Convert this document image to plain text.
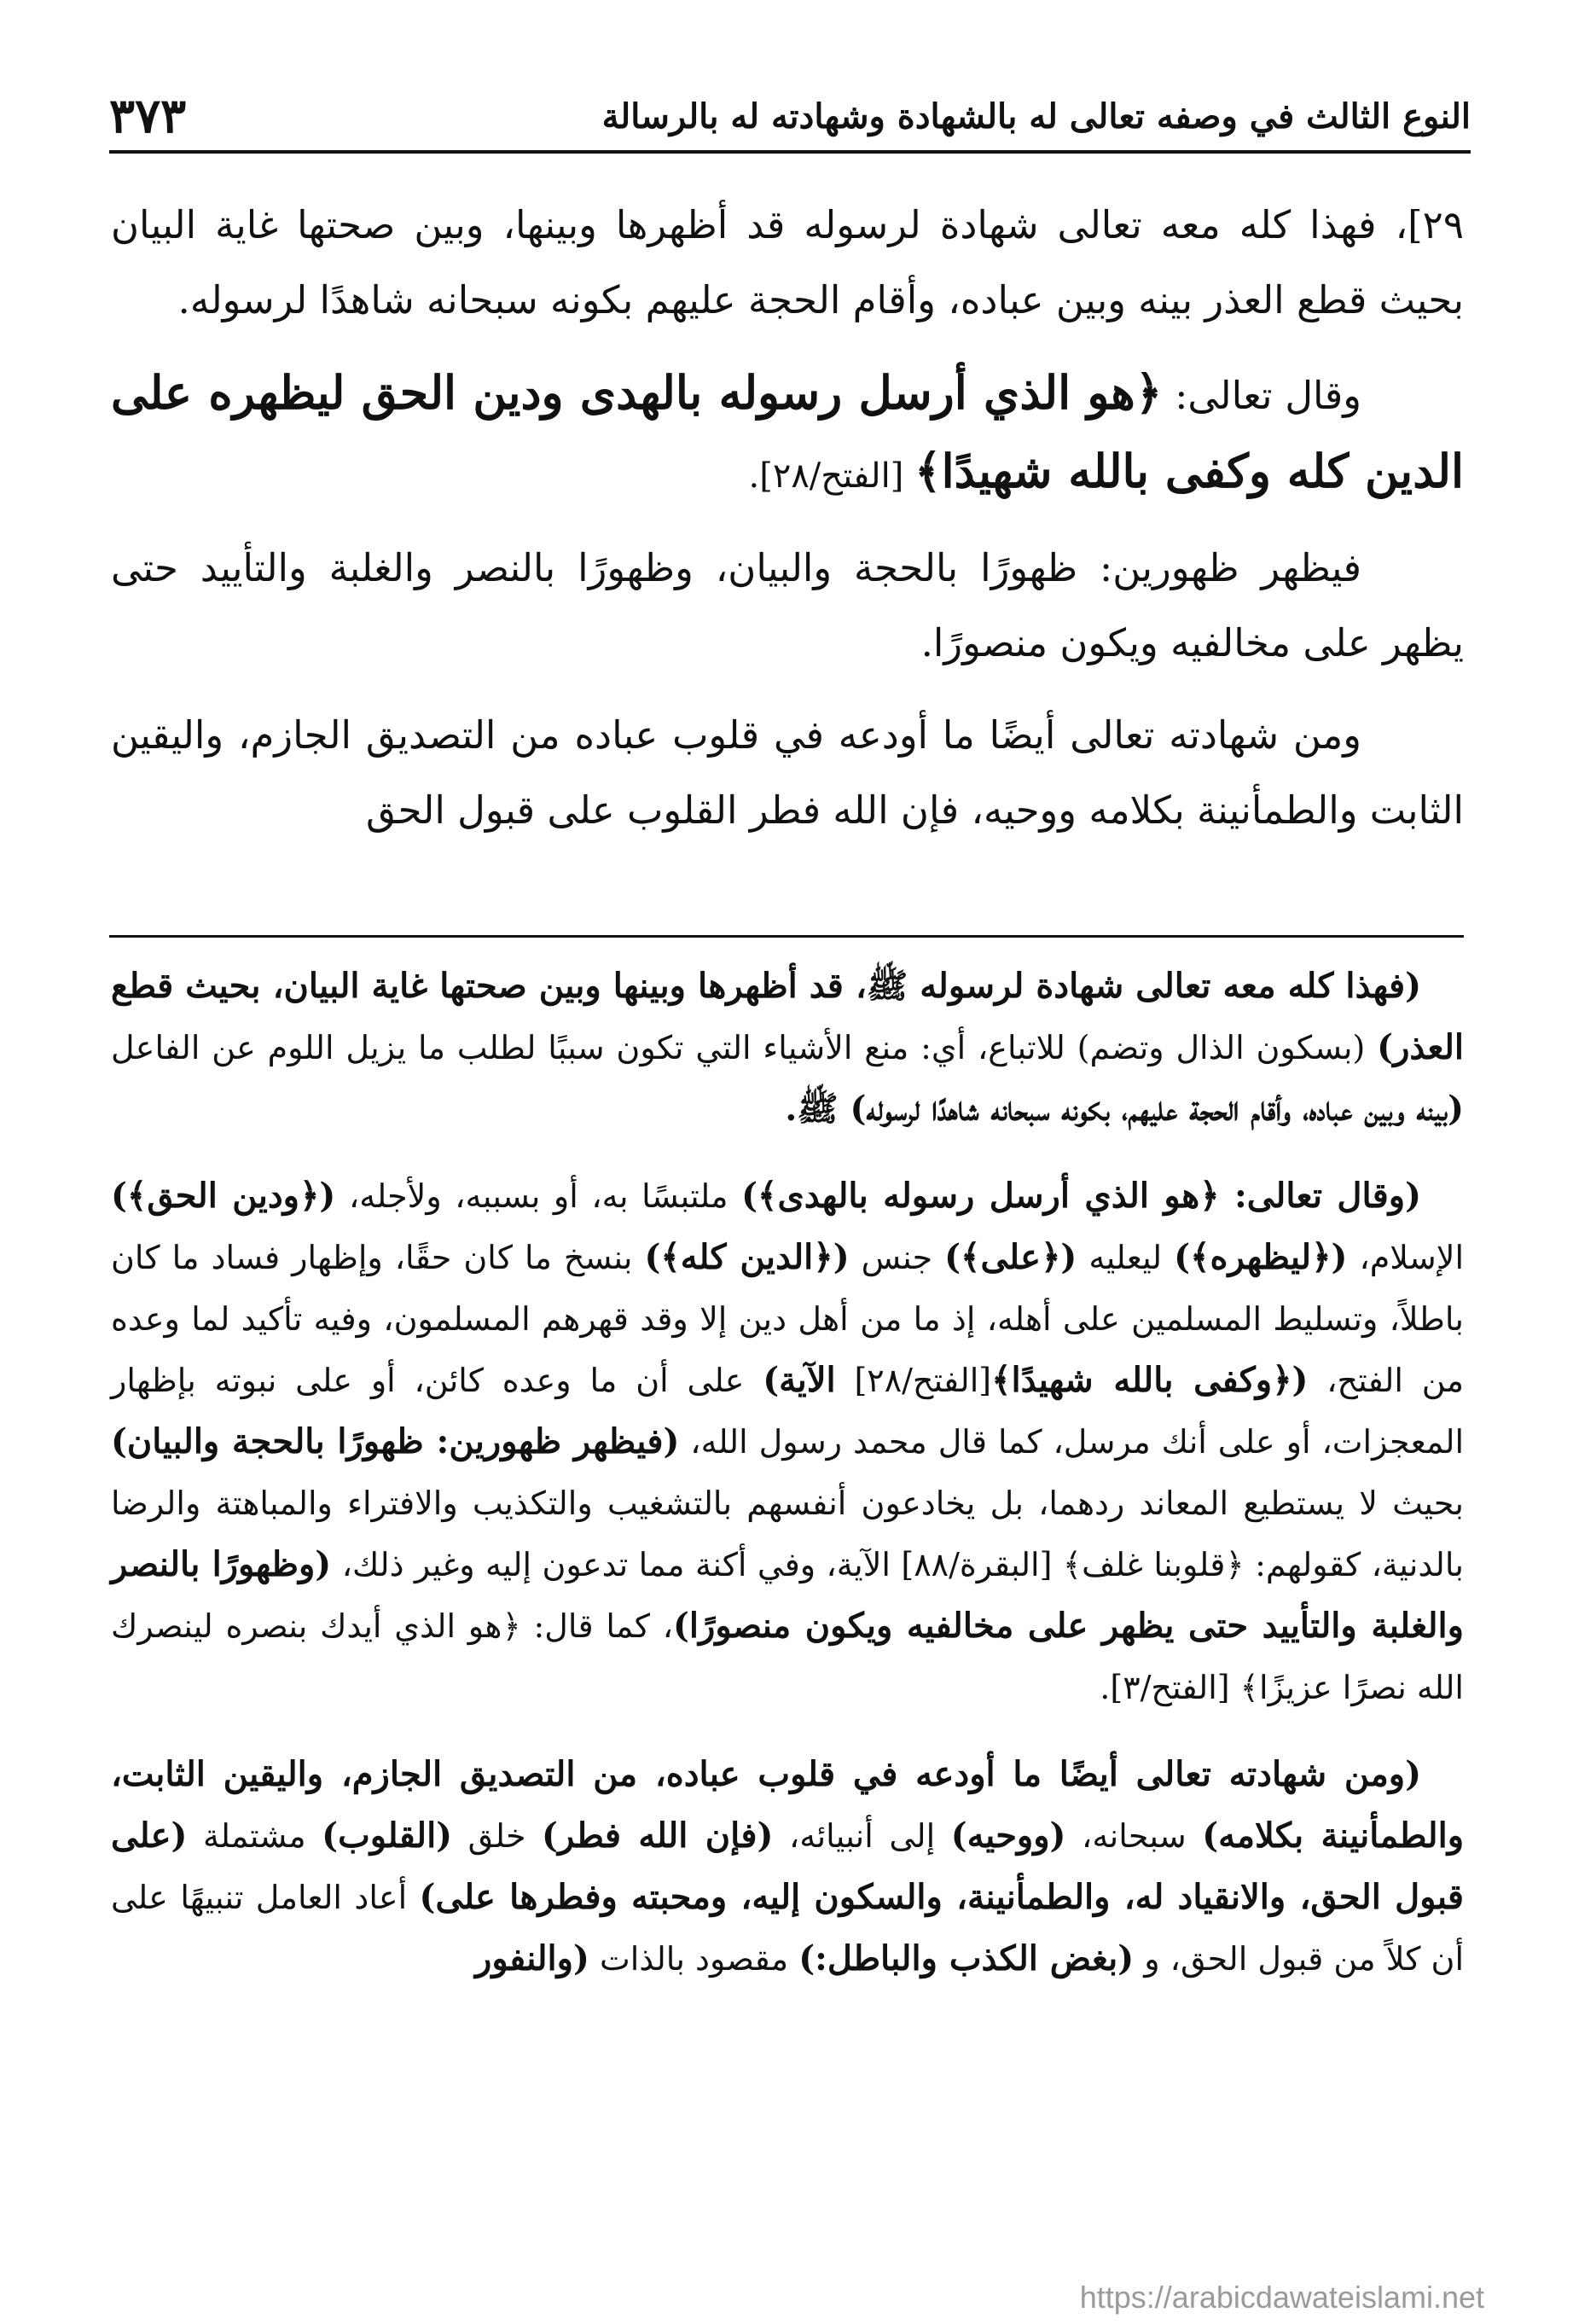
النوع الثالث في وصفه تعالى له بالشهادة وشهادته له بالرسالة
٣٧٣

٢٩]، فهذا كله معه تعالى شهادة لرسوله قد أظهرها وبينها، وبين صحتها غاية البيان بحيث قطع العذر بينه وبين عباده، وأقام الحجة عليهم بكونه سبحانه شاهدًا لرسوله.

وقال تعالى: ﴿هو الذي أرسل رسوله بالهدى ودين الحق ليظهره على الدين كله وكفى بالله شهيدًا﴾ [الفتح/٢٨].

فيظهر ظهورين: ظهورًا بالحجة والبيان، وظهورًا بالنصر والغلبة والتأييد حتى يظهر على مخالفيه ويكون منصورًا.

ومن شهادته تعالى أيضًا ما أودعه في قلوب عباده من التصديق الجازم، واليقين الثابت والطمأنينة بكلامه ووحيه، فإن الله فطر القلوب على قبول الحق

(فهذا كله معه تعالى شهادة لرسوله ﷺ، قد أظهرها وبينها وبين صحتها غاية البيان، بحيث قطع العذر) (بسكون الذال وتضم) للاتباع، أي: منع الأشياء التي تكون سببًا لطلب ما يزيل اللوم عن الفاعل (بينه وبين عباده، وأقام الحجة عليهم، بكونه سبحانه شاهدًا لرسوله) ﷺ.

(وقال تعالى: ﴿هو الذي أرسل رسوله بالهدى﴾) ملتبسًا به، أو بسببه، ولأجله، (﴿ودين الحق﴾) الإسلام، (﴿ليظهره﴾) ليعليه (﴿على﴾) جنس (﴿الدين كله﴾) بنسخ ما كان حقًا، وإظهار فساد ما كان باطلاً، وتسليط المسلمين على أهله، إذ ما من أهل دين إلا وقد قهرهم المسلمون، وفيه تأكيد لما وعده من الفتح، (﴿وكفى بالله شهيدًا﴾[الفتح/٢٨] الآية) على أن ما وعده كائن، أو على نبوته بإظهار المعجزات، أو على أنك مرسل، كما قال محمد رسول الله، (فيظهر ظهورين: ظهورًا بالحجة والبيان) بحيث لا يستطيع المعاند ردهما، بل يخادعون أنفسهم بالتشغيب والتكذيب والافتراء والمباهتة والرضا بالدنية، كقولهم: ﴿قلوبنا غلف﴾ [البقرة/٨٨] الآية، وفي أكنة مما تدعون إليه وغير ذلك، (وظهورًا بالنصر والغلبة والتأييد حتى يظهر على مخالفيه ويكون منصورًا)، كما قال: ﴿هو الذي أيدك بنصره لينصرك الله نصرًا عزيزًا﴾ [الفتح/٣].

(ومن شهادته تعالى أيضًا ما أودعه في قلوب عباده، من التصديق الجازم، واليقين الثابت، والطمأنينة بكلامه) سبحانه، (ووحيه) إلى أنبيائه، (فإن الله فطر) خلق (القلوب) مشتملة (على قبول الحق، والانقياد له، والطمأنينة، والسكون إليه، ومحبته وفطرها على) أعاد العامل تنبيهًا على أن كلاً من قبول الحق، و (بغض الكذب والباطل:) مقصود بالذات (والنفور

https://arabicdawateislami.net
